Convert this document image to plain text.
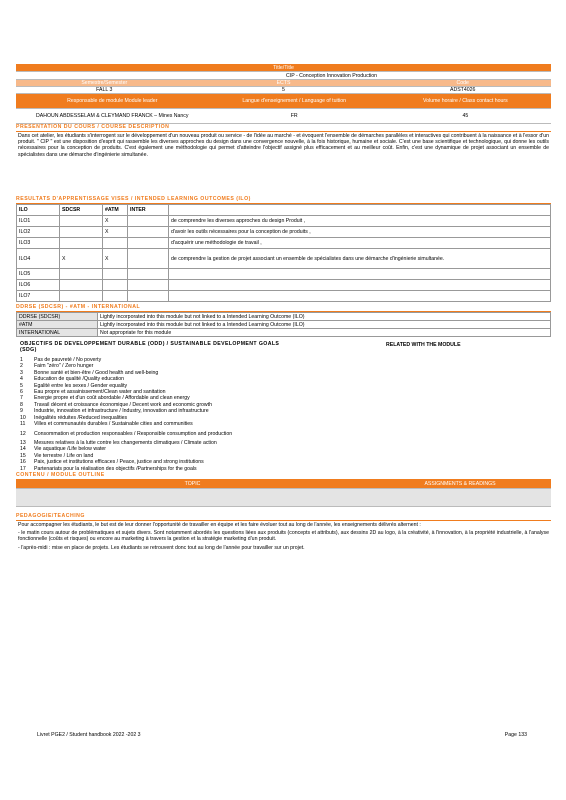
Title/Title
CIP - Conception Innovation Production
Semestre/Semester	ECTS	Code
FALL 3	5	ADST4026
Responsable de module Module leader	Langue d'enseignement / Language of tuition	Volume horaire / Class contact hours
DAHOUN ABDESSELAM & CLEYMAND FRANCK – Mines Nancy	FR	45
PRESENTATION DU COURS / COURSE DESCRIPTION
Dans cet atelier, les étudiants s'interrogent sur le développement d'un nouveau produit ou service - de l'idée au marché - et évoquent l'ensemble de démarches parallèles et interactives qui contribuent à la naissance et à l'essor d'un produit. " CIP " est une disposition d'esprit qui rassemble les diverses approches du design dans une convergence nouvelle, à la fois historique, humaine et sociale. C'est une base scientifique et technologique, qui donne les outils nécessaires pour la conception de produits. C'est également une méthodologie qui permet d'atteindre l'objectif assigné plus efficacement et au meilleur coût. Enfin, c'est une dynamique de projet associant un ensemble de spécialistes dans une démarche d'ingénierie simultanée.
RESULTATS D'APPRENTISSAGE VISES / INTENDED LEARNING OUTCOMES (ILO)
ILO	SDCSR	#ATM	INTER	
ILO1		X		de comprendre les diverses approches du design Produit ,
ILO2		X		d'avoir les outils nécessaires pour la conception de produits ,
ILO3				d'acquérir une méthodologie de travail ,
ILO4	X	X		de comprendre la gestion de projet associant un ensemble de spécialistes dans une démarche d'ingénierie simultanée.
ILO5				
ILO6				
ILO7				
DDRSE (SDCSR) - #ATM - INTERNATIONAL
DDRSE (SDCSR)	Lightly incorporated into this module but not linked to a Intended Learning Outcome (ILO)
#ATM	Lightly incorporated into this module but not linked to a Intended Learning Outcome (ILO)
INTERNATIONAL	Not appropriate for this module
OBJECTIFS DE DEVELOPPEMENT DURABLE (ODD) / SUSTAINABLE DEVELOPMENT GOALS (SDG)
RELATED WITH THE MODULE
1	Pas de pauvreté / No poverty
2	Faim "zéro" / Zero hunger
3	Bonne santé et bien-être / Good health and well-being
4	Education de qualité /Quality education
5	Egalité entre les sexes / Gender equality
6	Eau propre et assainissement/Clean water and sanitation
7	Energie propre et d'un coût abordable / Affordable and clean energy
8	Travail décent et croissance économique / Decent work and economic growth
9	Industrie, innovation et infrastructure / Industry, innovation and infrastructure
10	Inégalités réduites /Reduced inequalities
11	Villes et communautés durables / Sustainable cities and communities
12	Consommation et production responsables / Responsible consumption and production
13	Mesures relatives à la lutte contre les changements climatiques / Climate action
14	Vie aquatique /Life below water
15	Vie terrestre / Life on land
16	Paix, justice et institutions efficaces / Peace, justice and strong institutions
17	Partenariats pour la réalisation des objectifs /Partnerships for the goals
CONTENU / MODULE OUTLINE
TOPIC	ASSIGNMENTS & READINGS
PEDAGOGIE/TEACHING
Pour accompagner les étudiants, le but est de leur donner l'opportunité de travailler en équipe et les faire évoluer tout au long de l'année, les enseignements délivrés alternent :
- le matin cours autour de problématiques et sujets divers. Sont notamment abordés les questions liées aux produits (concepts et attributs), aux dessins 2D au logo, à la créativité, à l'innovation, à la propriété industrielle, à l'analyse fonctionnelle (coûts et risques) ou encore au marketing à travers la gestion et la stratégie marketing d'un produit.
- l'après-midi : mise en place de projets. Les étudiants se retrouvent donc tout au long de l'année pour travailler sur un projet.
Livret PGE2 / Student handbook 2022 -202 3	Page 133
